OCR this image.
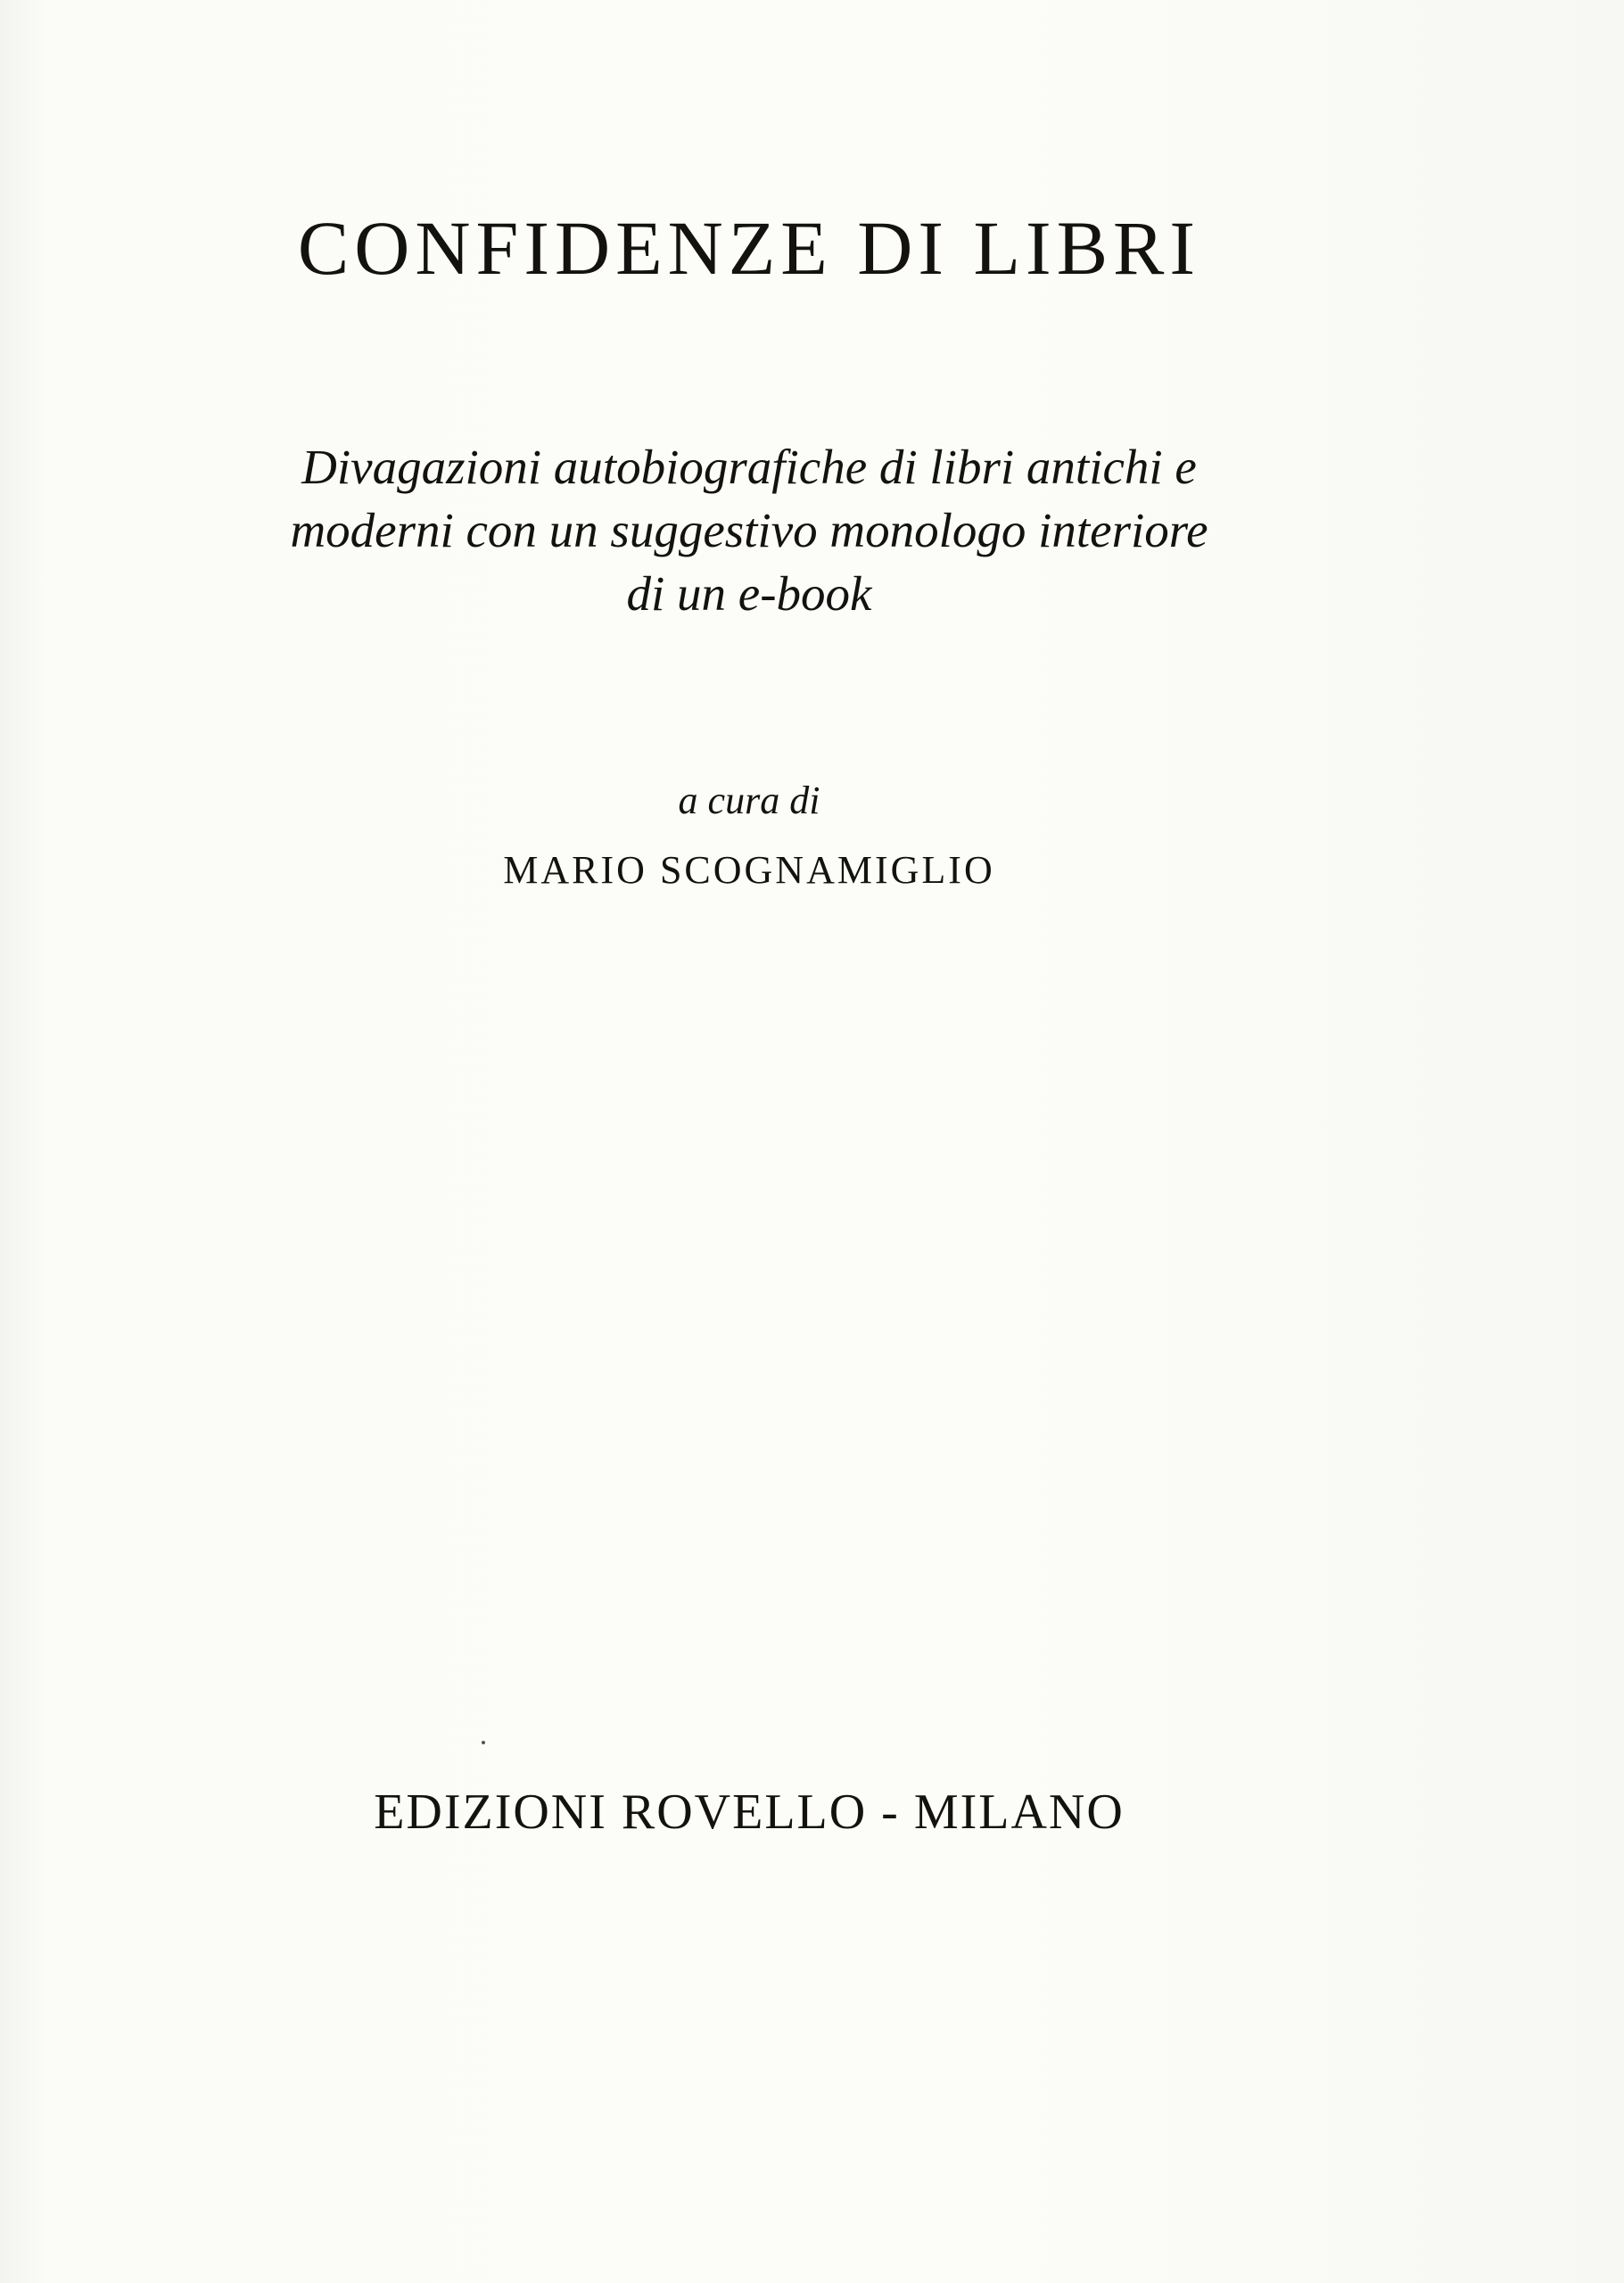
CONFIDENZE DI LIBRI
Divagazioni autobiografiche di libri antichi e
moderni con un suggestivo monologo interiore
di un e-book

a cura di

MARIO SCOGNAMIGLIO

EDIZIONI ROVELLO - MILANO
